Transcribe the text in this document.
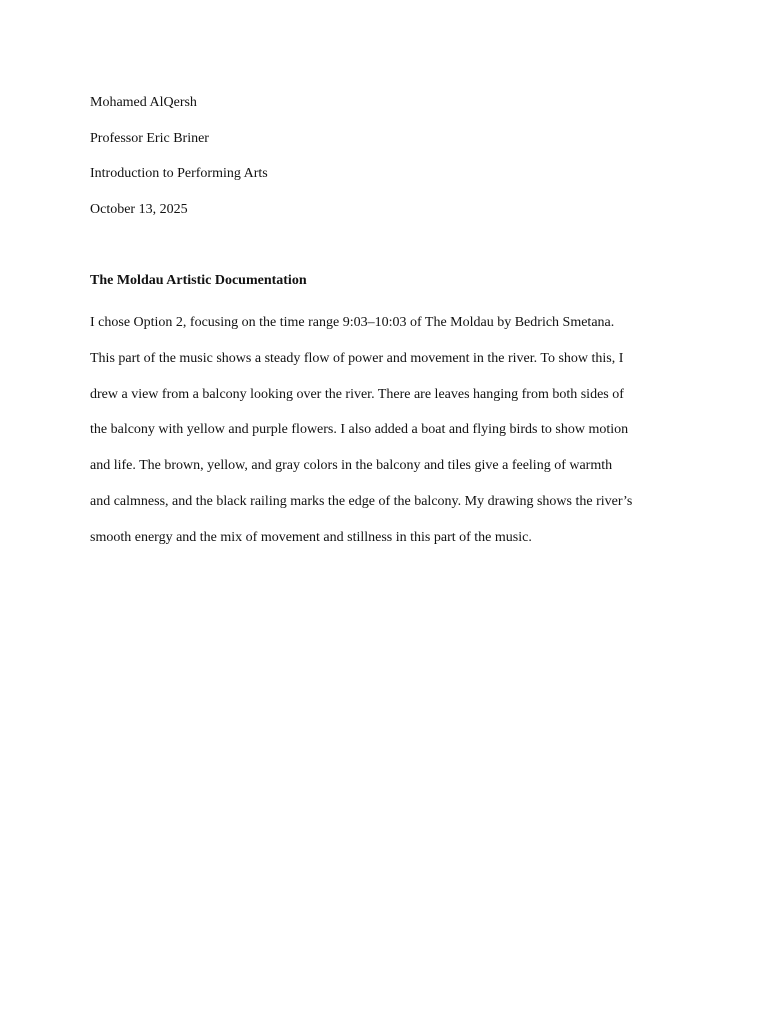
Mohamed AlQersh
Professor Eric Briner
Introduction to Performing Arts
October 13, 2025
The Moldau Artistic Documentation
I chose Option 2, focusing on the time range 9:03–10:03 of The Moldau by Bedrich Smetana.
This part of the music shows a steady flow of power and movement in the river. To show this, I
drew a view from a balcony looking over the river. There are leaves hanging from both sides of
the balcony with yellow and purple flowers. I also added a boat and flying birds to show motion
and life. The brown, yellow, and gray colors in the balcony and tiles give a feeling of warmth
and calmness, and the black railing marks the edge of the balcony. My drawing shows the river’s
smooth energy and the mix of movement and stillness in this part of the music.
